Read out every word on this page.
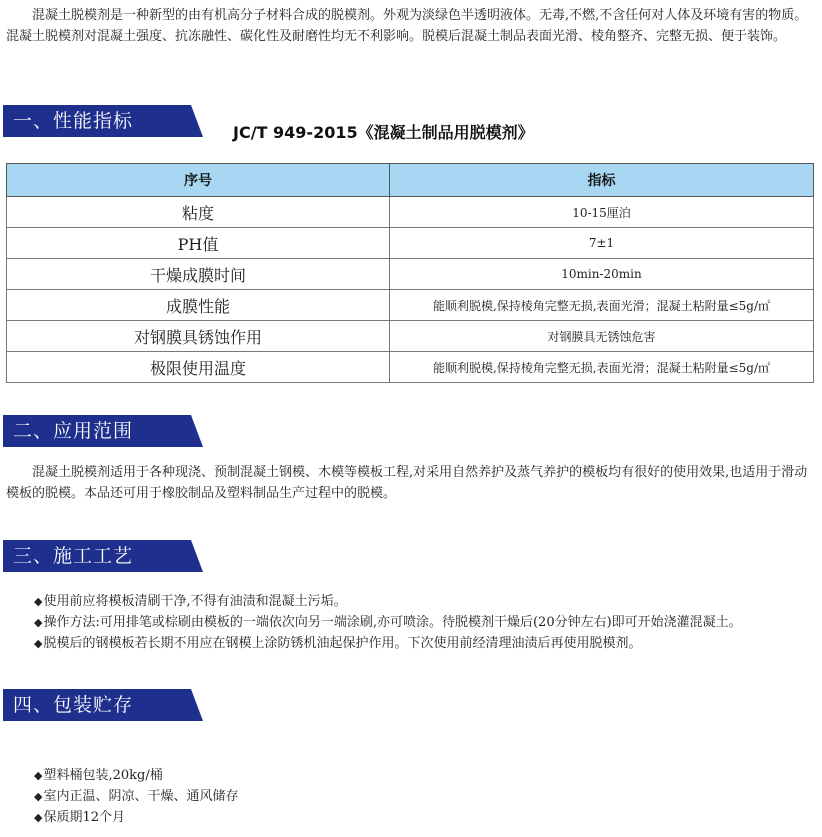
混凝土脱模剂是一种新型的由有机高分子材料合成的脱模剂。外观为淡绿色半透明液体。无毒,不燃,不含任何对人体及环境有害的物质。混凝土脱模剂对混凝土强度、抗冻融性、碳化性及耐磨性均无不利影响。脱模后混凝土制品表面光滑、棱角整齐、完整无损、便于装饰。

一、性能指标
JC/T 949-2015《混凝土制品用脱模剂》
序号	指标
粘度	10-15厘泊
PH值	7±1
干燥成膜时间	10min-20min
成膜性能	能顺利脱模,保持棱角完整无损,表面光滑；混凝土粘附量≤5g/㎡
对钢膜具锈蚀作用	对钢膜具无锈蚀危害
极限使用温度	能顺利脱模,保持棱角完整无损,表面光滑；混凝土粘附量≤5g/㎡
二、应用范围

混凝土脱模剂适用于各种现浇、预制混凝土钢模、木模等模板工程,对采用自然养护及蒸气养护的模板均有很好的使用效果,也适用于滑动模板的脱模。本品还可用于橡胶制品及塑料制品生产过程中的脱模。

三、施工工艺
◆ 使用前应将模板清刷干净,不得有油渍和混凝土污垢。
◆ 操作方法:可用排笔或棕刷由模板的一端依次向另一端涂刷,亦可喷涂。待脱模剂干燥后(20分钟左右)即可开始浇灌混凝土。
◆ 脱模后的钢模板若长期不用应在钢模上涂防锈机油起保护作用。下次使用前经清理油渍后再使用脱模剂。
四、包装贮存
◆ 塑料桶包装,20kg/桶
◆ 室内正温、阴凉、干燥、通风储存
◆ 保质期12个月
